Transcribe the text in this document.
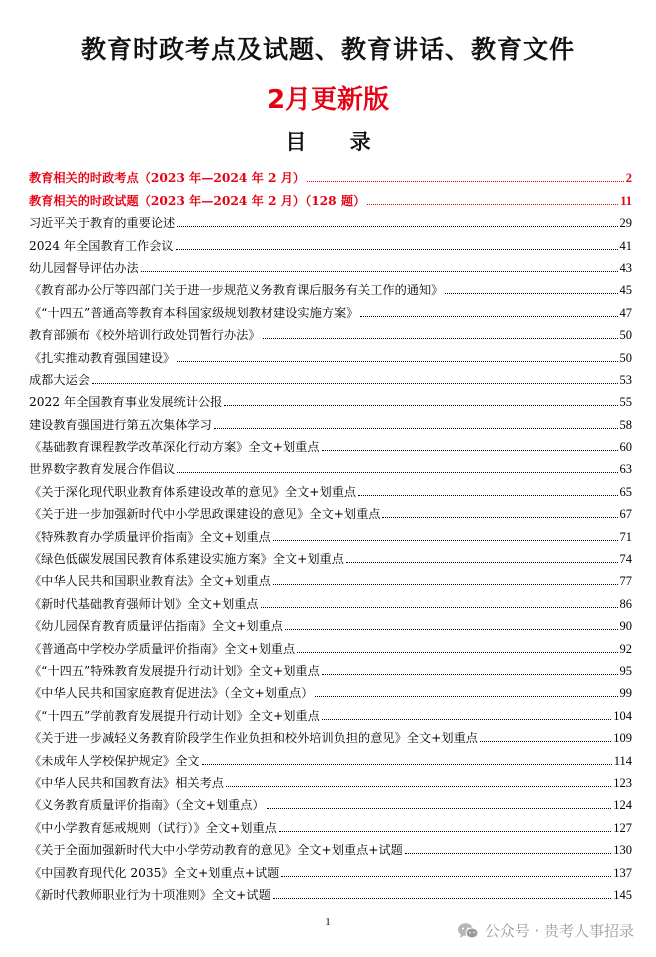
教育时政考点及试题、教育讲话、教育文件
2月更新版
目 录
教育相关的时政考点（2023 年—2024 年 2 月）	2
教育相关的时政试题（2023 年—2024 年 2 月）（128 题）	11
习近平关于教育的重要论述	29
2024 年全国教育工作会议	41
幼儿园督导评估办法	43
《教育部办公厅等四部门关于进一步规范义务教育课后服务有关工作的通知》	45
《“十四五”普通高等教育本科国家级规划教材建设实施方案》	47
教育部颁布《校外培训行政处罚暂行办法》	50
《扎实推动教育强国建设》	50
成都大运会	53
2022 年全国教育事业发展统计公报	55
建设教育强国进行第五次集体学习	58
《基础教育课程教学改革深化行动方案》全文+划重点	60
世界数字教育发展合作倡议	63
《关于深化现代职业教育体系建设改革的意见》全文+划重点	65
《关于进一步加强新时代中小学思政课建设的意见》全文+划重点	67
《特殊教育办学质量评价指南》全文+划重点	71
《绿色低碳发展国民教育体系建设实施方案》全文+划重点	74
《中华人民共和国职业教育法》全文+划重点	77
《新时代基础教育强师计划》全文+划重点	86
《幼儿园保育教育质量评估指南》全文+划重点	90
《普通高中学校办学质量评价指南》全文+划重点	92
《“十四五”特殊教育发展提升行动计划》全文+划重点	95
《中华人民共和国家庭教育促进法》（全文+划重点）	99
《“十四五”学前教育发展提升行动计划》全文+划重点	104
《关于进一步减轻义务教育阶段学生作业负担和校外培训负担的意见》全文+划重点	109
《未成年人学校保护规定》全文	114
《中华人民共和国教育法》相关考点	123
《义务教育质量评价指南》（全文+划重点）	124
《中小学教育惩戒规则（试行）》全文+划重点	127
《关于全面加强新时代大中小学劳动教育的意见》全文+划重点+试题	130
《中国教育现代化 2035》全文+划重点+试题	137
《新时代教师职业行为十项准则》全文+试题	145
1	公众号 · 贵考人事招录
